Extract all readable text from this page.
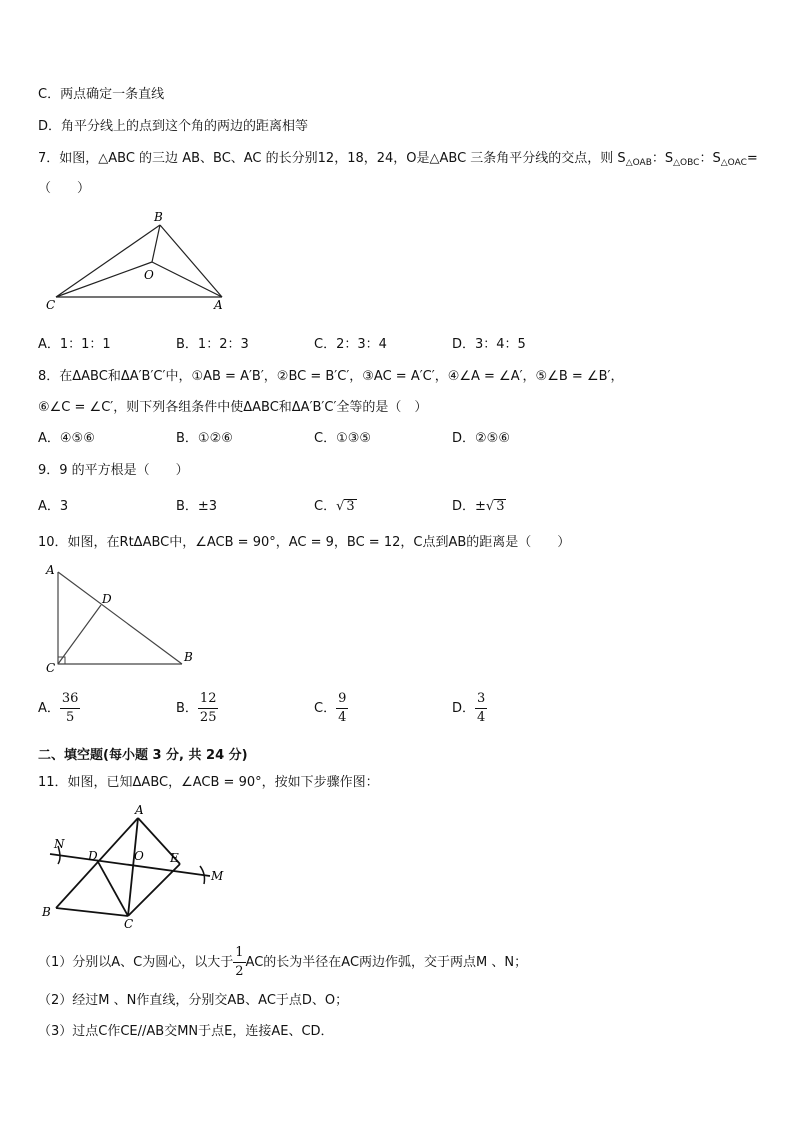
C．两点确定一条直线
D．角平分线上的点到这个角的两边的距离相等
7．如图，△ABC 的三边 AB、BC、AC 的长分别12，18，24，O是△ABC 三条角平分线的交点，则 $S_{\triangle OAB}$：$S_{\triangle OBC}$：$S_{\triangle OAC}=$
（　　）
B
O
C	A
A．1：1：1	B．1：2：3	C．2：3：4	D．3：4：5
8．在ΔABC和ΔA′B′C′中，①AB = A′B′，②BC = B′C′，③AC = A′C′，④∠A = ∠A′，⑤∠B = ∠B′，
⑥∠C = ∠C′，则下列各组条件中使ΔABC和ΔA′B′C′全等的是（　）
A．④⑤⑥	B．①②⑥	C．①③⑤	D．②⑤⑥
9．9 的平方根是（　　）
A．3	B．±3	C．√ 3	D．±√ 3
10．如图，在RtΔABC中，∠ACB = 90°，AC = 9，BC = 12，C点到AB的距离是（　　）
A
D
C
B
A． $\frac{36}{5}$	B． $\frac{12}{25}$	C． $\frac{9}{4}$	D． $\frac{3}{4}$
二、填空题(每小题 3 分, 共 24 分)
11．如图，已知ΔABC，∠ACB = 90°，按如下步骤作图：
A
N
D	O E
M
B
C
（1）分别以A、C为圆心，以大于 $\frac{1}{2}$ AC的长为半径在AC两边作弧，交于两点M 、N；
（2）经过M 、N作直线，分别交AB、AC于点D、O；
（3）过点C作CE//AB交MN于点E，连接AE、CD．
